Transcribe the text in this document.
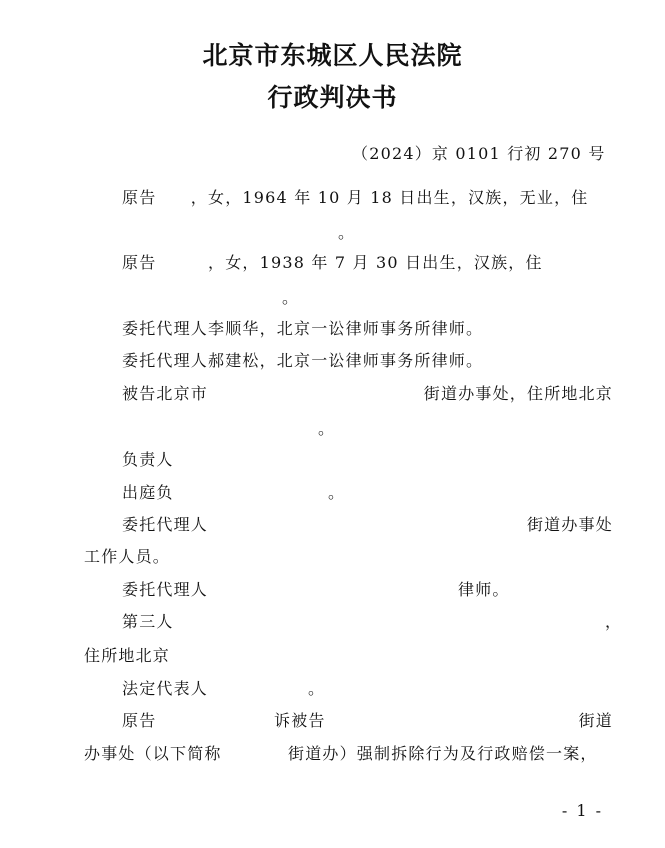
北京市东城区人民法院
行政判决书
（2024）京 0101 行初 270 号
原告　　，女，1964 年 10 月 18 日出生，汉族，无业，住
。
原告　　　，女，1938 年 7 月 30 日出生，汉族，住
。
委托代理人李顺华，北京一讼律师事务所律师。
委托代理人郝建松，北京一讼律师事务所律师。
被告北京市	街道办事处，住所地北京
。
负责人
出庭负	。
委托代理人	街道办事处
工作人员。
委托代理人	律师。
第三人	，
住所地北京
法定代表人	。
原告	诉被告	街道
办事处（以下简称	街道办）强制拆除行为及行政赔偿一案，
- 1 -
